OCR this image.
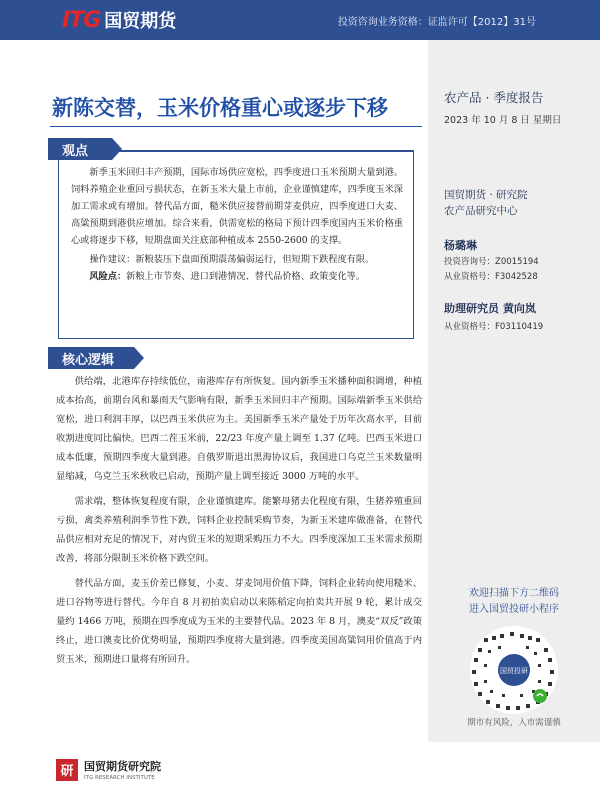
ITG 国贸期货	投资咨询业务资格：证监许可【2012】31号
农产品 · 季度报告
2023 年 10 月 8 日 星期日
国贸期货 · 研究院
农产品研究中心
杨璐琳
投资咨询号：Z0015194
从业资格号：F3042528
助理研究员 黄向岚
从业资格号：F03110419
欢迎扫描下方二维码
进入国贸投研小程序
国贸投研
期市有风险，入市需谨慎
新陈交替，玉米价格重心或逐步下移

新季玉米回归丰产预期，国际市场供应宽松，四季度进口玉米预期大量到港。饲料养殖企业重回亏损状态，在新玉米大量上市前，企业谨慎建库，四季度玉米深加工需求或有增加。替代品方面，糙米供应接替前期芽麦供应，四季度进口大麦、高粱预期到港供应增加。综合来看，供需宽松的格局下预计四季度国内玉米价格重心或将逐步下移，短期盘面关注底部种植成本 2550-2600 的支撑。

操作建议：新粮装压下盘面预期震荡偏弱运行，但短期下跌程度有限。

风险点：新粮上市节奏、进口到港情况、替代品价格、政策变化等。

观点
核心逻辑

供给端，北港库存持续低位，南港库存有所恢复。国内新季玉米播种面积调增，种植成本抬高，前期台风和暴雨天气影响有限，新季玉米回归丰产预期。国际端新季玉米供给宽松，进口利润丰厚，以巴西玉米供应为主。美国新季玉米产量处于历年次高水平，目前收割进度同比偏快。巴西二茬玉米前，22/23 年度产量上调至 1.37 亿吨。巴西玉米进口成本低廉，预期四季度大量到港。自俄罗斯退出黑海协议后，我国进口乌克兰玉米数量明显缩减，乌克兰玉米秋收已启动，预期产量上调至接近 3000 万吨的水平。

需求端，整体恢复程度有限，企业谨慎建库。能繁母猪去化程度有限，生猪养殖重回亏损，禽类养殖利润季节性下跌，饲料企业控制采购节奏，为新玉米建库做准备，在替代品供应相对充足的情况下，对内贸玉米的短期采购压力不大。四季度深加工玉米需求预期改善，将部分限制玉米价格下跌空间。

替代品方面，麦玉价差已修复，小麦、芽麦饲用价值下降，饲料企业转向使用糙米、进口谷物等进行替代。今年自 8 月初拍卖启动以来陈稻定向拍卖共开展 9 轮，累计成交量约 1466 万吨，预期在四季度成为玉米的主要替代品。2023 年 8 月，澳麦“双反”政策终止，进口澳麦比价优势明显，预期四季度将大量到港。四季度美国高粱饲用价值高于内贸玉米，预期进口量将有所回升。

研 国贸期货研究院
ITG RESEARCH INSTITUTE
